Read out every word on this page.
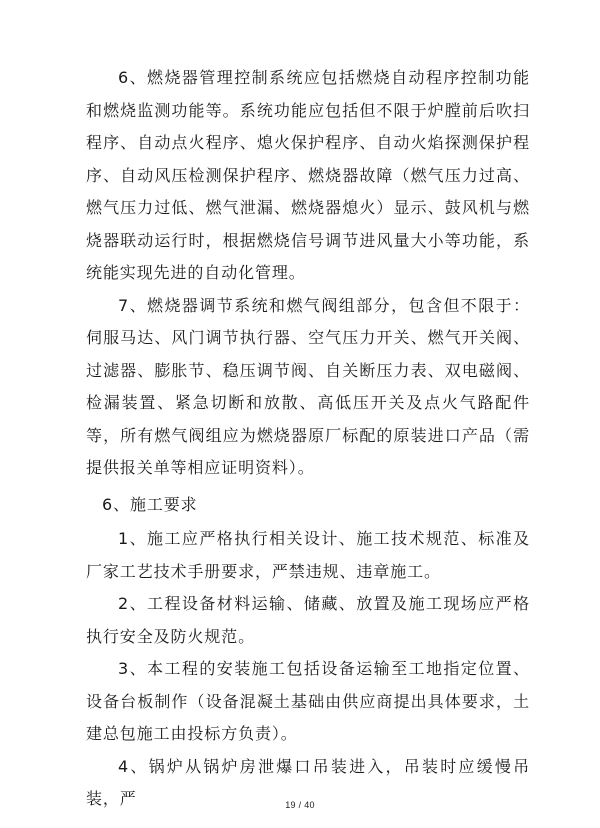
6、燃烧器管理控制系统应包括燃烧自动程序控制功能和燃烧监测功能等。系统功能应包括但不限于炉膛前后吹扫程序、自动点火程序、熄火保护程序、自动火焰探测保护程序、自动风压检测保护程序、燃烧器故障（燃气压力过高、燃气压力过低、燃气泄漏、燃烧器熄火）显示、鼓风机与燃烧器联动运行时，根据燃烧信号调节进风量大小等功能，系统能实现先进的自动化管理。

7、燃烧器调节系统和燃气阀组部分，包含但不限于：伺服马达、风门调节执行器、空气压力开关、燃气开关阀、过滤器、膨胀节、稳压调节阀、自关断压力表、双电磁阀、检漏装置、紧急切断和放散、高低压开关及点火气路配件等，所有燃气阀组应为燃烧器原厂标配的原装进口产品（需提供报关单等相应证明资料）。

6、施工要求

1、施工应严格执行相关设计、施工技术规范、标准及厂家工艺技术手册要求，严禁违规、违章施工。

2、工程设备材料运输、储藏、放置及施工现场应严格执行安全及防火规范。

3、本工程的安装施工包括设备运输至工地指定位置、设备台板制作（设备混凝土基础由供应商提出具体要求，土建总包施工由投标方负责）。

4、锅炉从锅炉房泄爆口吊装进入，吊装时应缓慢吊装，严	19 / 40
